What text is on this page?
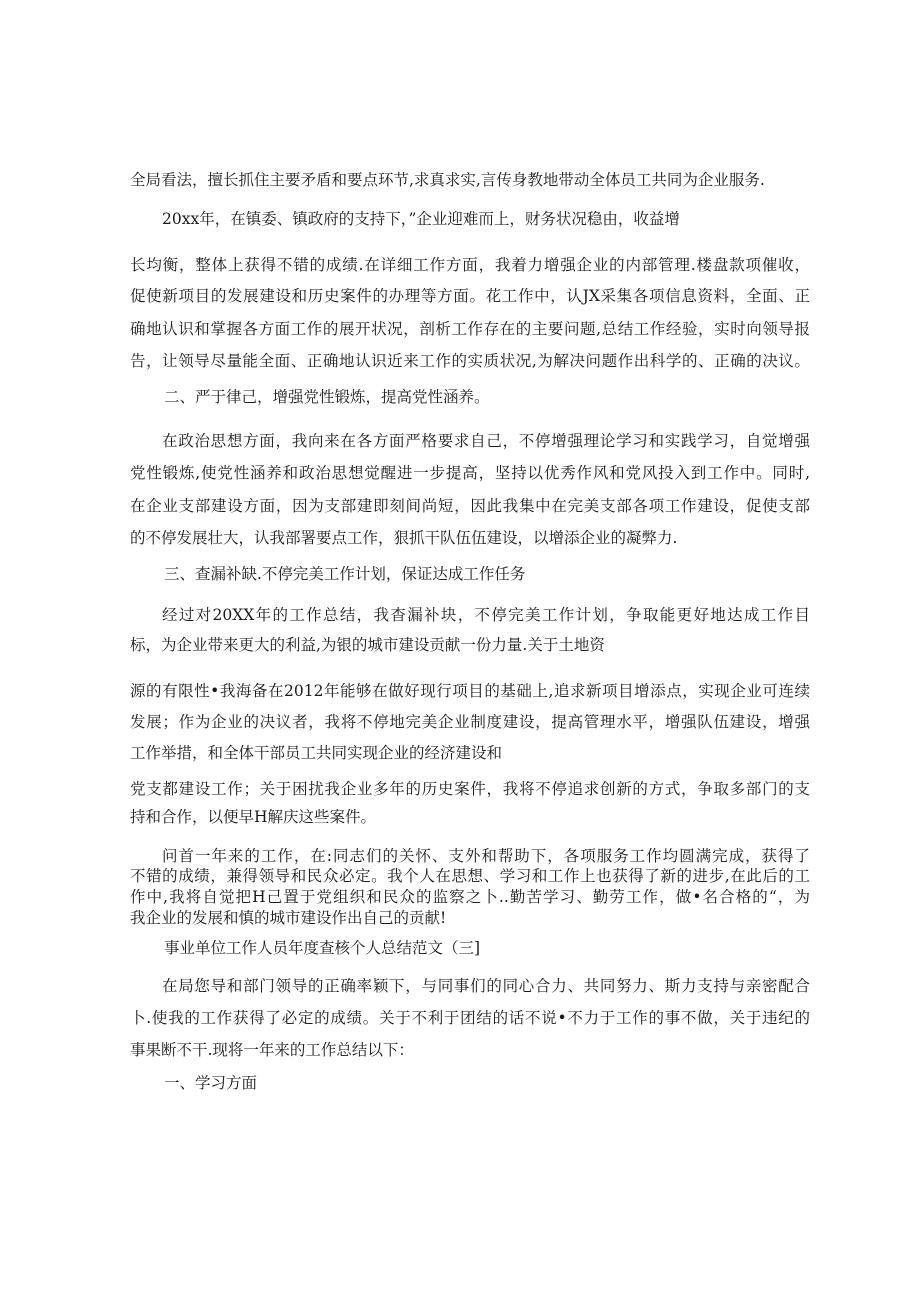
全局看法，擅长抓住主要矛盾和要点环节,求真求实,言传身教地带动全体员工共同为企业服务.

20xx年，在镇委、镇政府的支持下，”企业迎难而上，财务状况稳由，收益增

长均衡，整体上获得不错的成绩.在详细工作方面，我着力增强企业的内部管理.楼盘款项催收，

促使新项目的发展建设和历史案件的办理等方面。花工作中，认JX采集各项信息资料，全面、正

确地认识和掌握各方面工作的展开状况，剖析工作存在的主要问题,总结工作经验，实时向领导报

告，让领导尽量能全面、正确地认识近来工作的实质状况,为解决问题作出科学的、正确的决议。

二、严于律己，增强党性锻炼，提高党性涵养。

在政治思想方面，我向来在各方面严格要求自己，不停增强理论学习和实践学习，自觉增强

党性锻炼,使党性涵养和政治思想觉醒进一步提高，坚持以优秀作风和党风投入到工作中。同时,

在企业支部建设方面，因为支部建即刻间尚短，因此我集中在完美支部各项工作建设，促使支部

的不停发展壮大，认我部署要点工作，狠抓干队伍伍建设，以增添企业的凝弊力.

三、查漏补缺.不停完美工作计划，保证达成工作任务

经过对20XX年的工作总结，我杳漏补块，不停完美工作计划，争取能更好地达成工作目

标，为企业带来更大的利益,为银的城市建设贡献一份力量.关于土地资

源的有限性•我海备在2012年能够在做好现行项目的基础上,追求新项目增添点，实现企业可连续

发展；作为企业的决议者，我将不停地完美企业制度建设，提高管理水平，增强队伍建设，增强

工作举措，和全体干部员工共同实现企业的经济建设和

党支都建设工作；关于困扰我企业多年的历史案件，我将不停追求创新的方式，争取多部门的支

持和合作，以便早H解庆这些案件。

问首一年来的工作，在:同志们的关怀、支外和帮助下，各项服务工作均圆满完成，获得了

不错的成绩，兼得领导和民众必定。我个人在思想、学习和工作上也获得了新的进步,在此后的工

作中,我将自觉把H己置于党组织和民众的监察之卜..勤苦学习、勤劳工作，做•名合格的“，为

我企业的发展和慎的城市建设作出自己的贡献!

事业单位工作人员年度查核个人总结范文（三]

在局您导和部门领导的正确率颖下，与同事们的同心合力、共同努力、斯力支持与亲密配合

卜.使我的工作获得了必定的成绩。关于不利于团结的话不说•不力于工作的事不做，关于违纪的

事果断不干.现将一年来的工作总结以下：

一、学习方面
